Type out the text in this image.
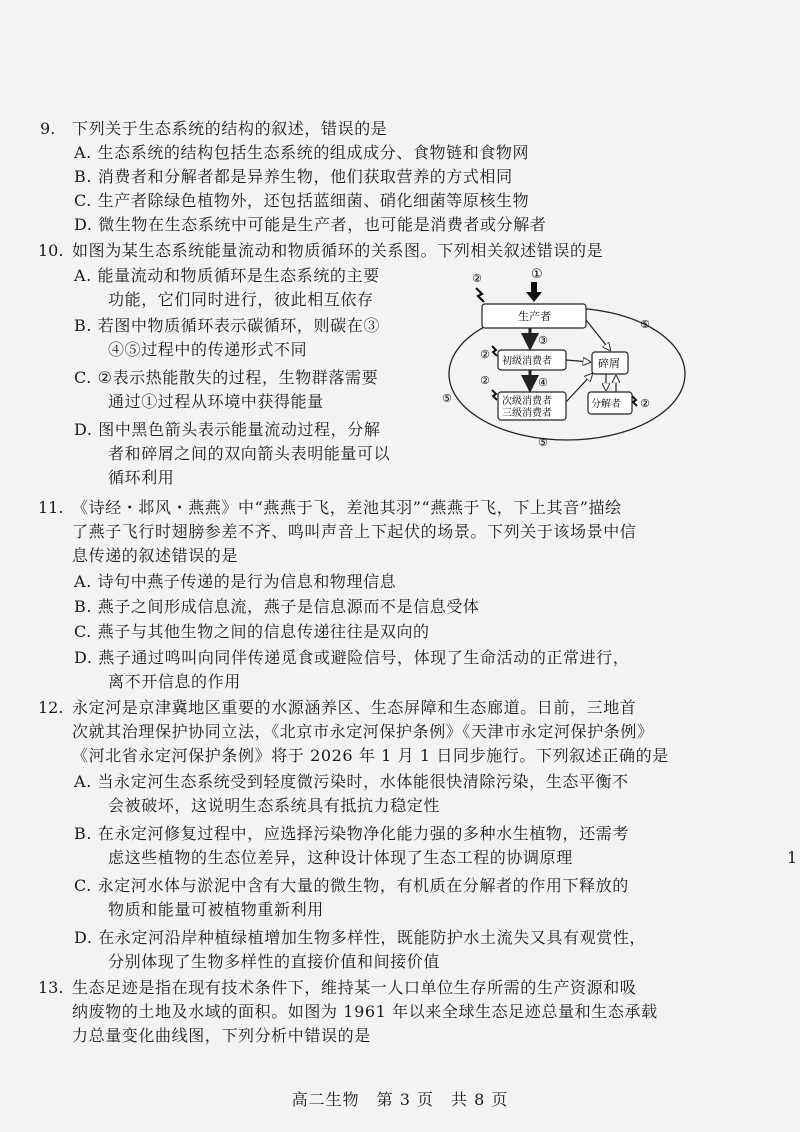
9. 下列关于生态系统的结构的叙述，错误的是
A. 生态系统的结构包括生态系统的组成成分、食物链和食物网
B. 消费者和分解者都是异养生物，他们获取营养的方式相同
C. 生产者除绿色植物外，还包括蓝细菌、硝化细菌等原核生物
D. 微生物在生态系统中可能是生产者，也可能是消费者或分解者
10. 如图为某生态系统能量流动和物质循环的关系图。下列相关叙述错误的是
A. 能量流动和物质循环是生态系统的主要
功能，它们同时进行，彼此相互依存
B. 若图中物质循环表示碳循环，则碳在③
④⑤过程中的传递形式不同
C. ②表示热能散失的过程，生物群落需要
通过①过程从环境中获得能量
D. 图中黑色箭头表示能量流动过程，分解
者和碎屑之间的双向箭头表明能量可以
循环利用
①
生产者
初级消费者
次级消费者
三级消费者
碎屑
分解者
③
④
②
②
②
②
⑤
⑤
⑤
11. 《诗经・邶风・燕燕》中“燕燕于飞，差池其羽”“燕燕于飞，下上其音”描绘
了燕子飞行时翅膀参差不齐、鸣叫声音上下起伏的场景。下列关于该场景中信
息传递的叙述错误的是
A. 诗句中燕子传递的是行为信息和物理信息
B. 燕子之间形成信息流，燕子是信息源而不是信息受体
C. 燕子与其他生物之间的信息传递往往是双向的
D. 燕子通过鸣叫向同伴传递觅食或避险信号，体现了生命活动的正常进行，
离不开信息的作用
12. 永定河是京津冀地区重要的水源涵养区、生态屏障和生态廊道。日前，三地首
次就其治理保护协同立法，《北京市永定河保护条例》《天津市永定河保护条例》
《河北省永定河保护条例》将于 2026 年 1 月 1 日同步施行。下列叙述正确的是
A. 当永定河生态系统受到轻度微污染时，水体能很快清除污染，生态平衡不
会被破坏，这说明生态系统具有抵抗力稳定性
B. 在永定河修复过程中，应选择污染物净化能力强的多种水生植物，还需考
虑这些植物的生态位差异，这种设计体现了生态工程的协调原理
C. 永定河水体与淤泥中含有大量的微生物，有机质在分解者的作用下释放的
物质和能量可被植物重新利用
D. 在永定河沿岸种植绿植增加生物多样性，既能防护水土流失又具有观赏性，
分别体现了生物多样性的直接价值和间接价值
13. 生态足迹是指在现有技术条件下，维持某一人口单位生存所需的生产资源和吸
纳废物的土地及水域的面积。如图为 1961 年以来全球生态足迹总量和生态承载
力总量变化曲线图，下列分析中错误的是
1
高二生物　第 3 页　共 8 页
